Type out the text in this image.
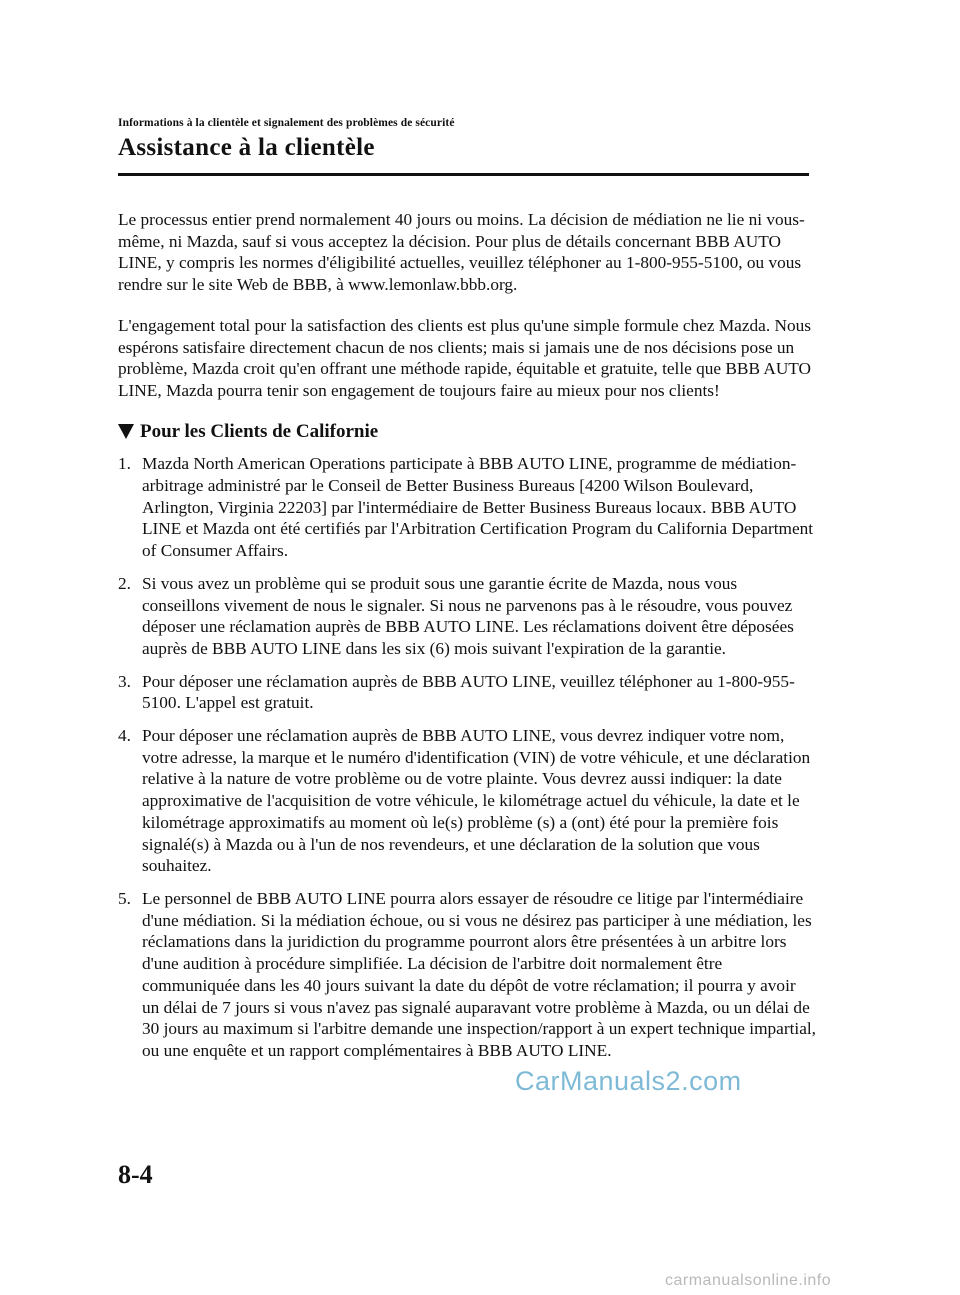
Informations à la clientèle et signalement des problèmes de sécurité
Assistance à la clientèle

Le processus entier prend normalement 40 jours ou moins. La décision de médiation ne lie ni vous-même, ni Mazda, sauf si vous acceptez la décision. Pour plus de détails concernant BBB AUTO LINE, y compris les normes d'éligibilité actuelles, veuillez téléphoner au 1-800-955-5100, ou vous rendre sur le site Web de BBB, à www.lemonlaw.bbb.org.

L'engagement total pour la satisfaction des clients est plus qu'une simple formule chez Mazda. Nous espérons satisfaire directement chacun de nos clients; mais si jamais une de nos décisions pose un problème, Mazda croit qu'en offrant une méthode rapide, équitable et gratuite, telle que BBB AUTO LINE, Mazda pourra tenir son engagement de toujours faire au mieux pour nos clients!

Pour les Clients de Californie
1. Mazda North American Operations participate à BBB AUTO LINE, programme de médiation-arbitrage administré par le Conseil de Better Business Bureaus [4200 Wilson Boulevard, Arlington, Virginia 22203] par l'intermédiaire de Better Business Bureaus locaux. BBB AUTO LINE et Mazda ont été certifiés par l'Arbitration Certification Program du California Department of Consumer Affairs.
2. Si vous avez un problème qui se produit sous une garantie écrite de Mazda, nous vous conseillons vivement de nous le signaler. Si nous ne parvenons pas à le résoudre, vous pouvez déposer une réclamation auprès de BBB AUTO LINE. Les réclamations doivent être déposées auprès de BBB AUTO LINE dans les six (6) mois suivant l'expiration de la garantie.
3. Pour déposer une réclamation auprès de BBB AUTO LINE, veuillez téléphoner au 1-800-955-5100. L'appel est gratuit.
4. Pour déposer une réclamation auprès de BBB AUTO LINE, vous devrez indiquer votre nom, votre adresse, la marque et le numéro d'identification (VIN) de votre véhicule, et une déclaration relative à la nature de votre problème ou de votre plainte. Vous devrez aussi indiquer: la date approximative de l'acquisition de votre véhicule, le kilométrage actuel du véhicule, la date et le kilométrage approximatifs au moment où le(s) problème (s) a (ont) été pour la première fois signalé(s) à Mazda ou à l'un de nos revendeurs, et une déclaration de la solution que vous souhaitez.
5. Le personnel de BBB AUTO LINE pourra alors essayer de résoudre ce litige par l'intermédiaire d'une médiation. Si la médiation échoue, ou si vous ne désirez pas participer à une médiation, les réclamations dans la juridiction du programme pourront alors être présentées à un arbitre lors d'une audition à procédure simplifiée. La décision de l'arbitre doit normalement être communiquée dans les 40 jours suivant la date du dépôt de votre réclamation; il pourra y avoir un délai de 7 jours si vous n'avez pas signalé auparavant votre problème à Mazda, ou un délai de 30 jours au maximum si l'arbitre demande une inspection/rapport à un expert technique impartial, ou une enquête et un rapport complémentaires à BBB AUTO LINE.
CarManuals2.com
8-4
carmanualsonline.info
